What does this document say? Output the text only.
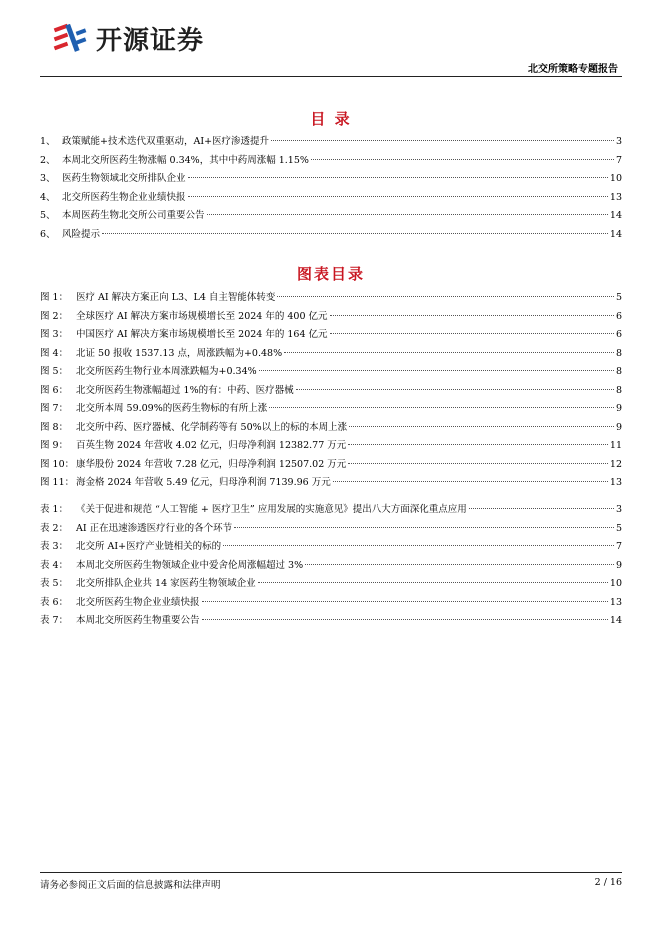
开源证券
北交所策略专题报告
目 录
1、 政策赋能+技术迭代双重驱动，AI+医疗渗透提升	3
2、 本周北交所医药生物涨幅 0.34%，其中中药周涨幅 1.15%	7
3、 医药生物领域北交所排队企业	10
4、 北交所医药生物企业业绩快报	13
5、 本周医药生物北交所公司重要公告	14
6、 风险提示	14
图表目录
图 1： 医疗 AI 解决方案正向 L3、L4 自主智能体转变	5
图 2： 全球医疗 AI 解决方案市场规模增长至 2024 年的 400 亿元	6
图 3： 中国医疗 AI 解决方案市场规模增长至 2024 年的 164 亿元	6
图 4： 北证 50 报收 1537.13 点，周涨跌幅为+0.48%	8
图 5： 北交所医药生物行业本周涨跌幅为+0.34%	8
图 6： 北交所医药生物涨幅超过 1%的有：中药、医疗器械	8
图 7： 北交所本周 59.09%的医药生物标的有所上涨	9
图 8： 北交所中药、医疗器械、化学制药等有 50%以上的标的本周上涨	9
图 9： 百英生物 2024 年营收 4.02 亿元，归母净利润 12382.77 万元	11
图 10： 康华股份 2024 年营收 7.28 亿元，归母净利润 12507.02 万元	12
图 11： 海金格 2024 年营收 5.49 亿元，归母净利润 7139.96 万元	13
表 1： 《关于促进和规范 “人工智能 + 医疗卫生” 应用发展的实施意见》提出八大方面深化重点应用	3
表 2： AI 正在迅速渗透医疗行业的各个环节	5
表 3： 北交所 AI+医疗产业链相关的标的	7
表 4： 本周北交所医药生物领域企业中爱舍伦周涨幅超过 3%	9
表 5： 北交所排队企业共 14 家医药生物领域企业	10
表 6： 北交所医药生物企业业绩快报	13
表 7： 本周北交所医药生物重要公告	14
请务必参阅正文后面的信息披露和法律声明	2 / 16
